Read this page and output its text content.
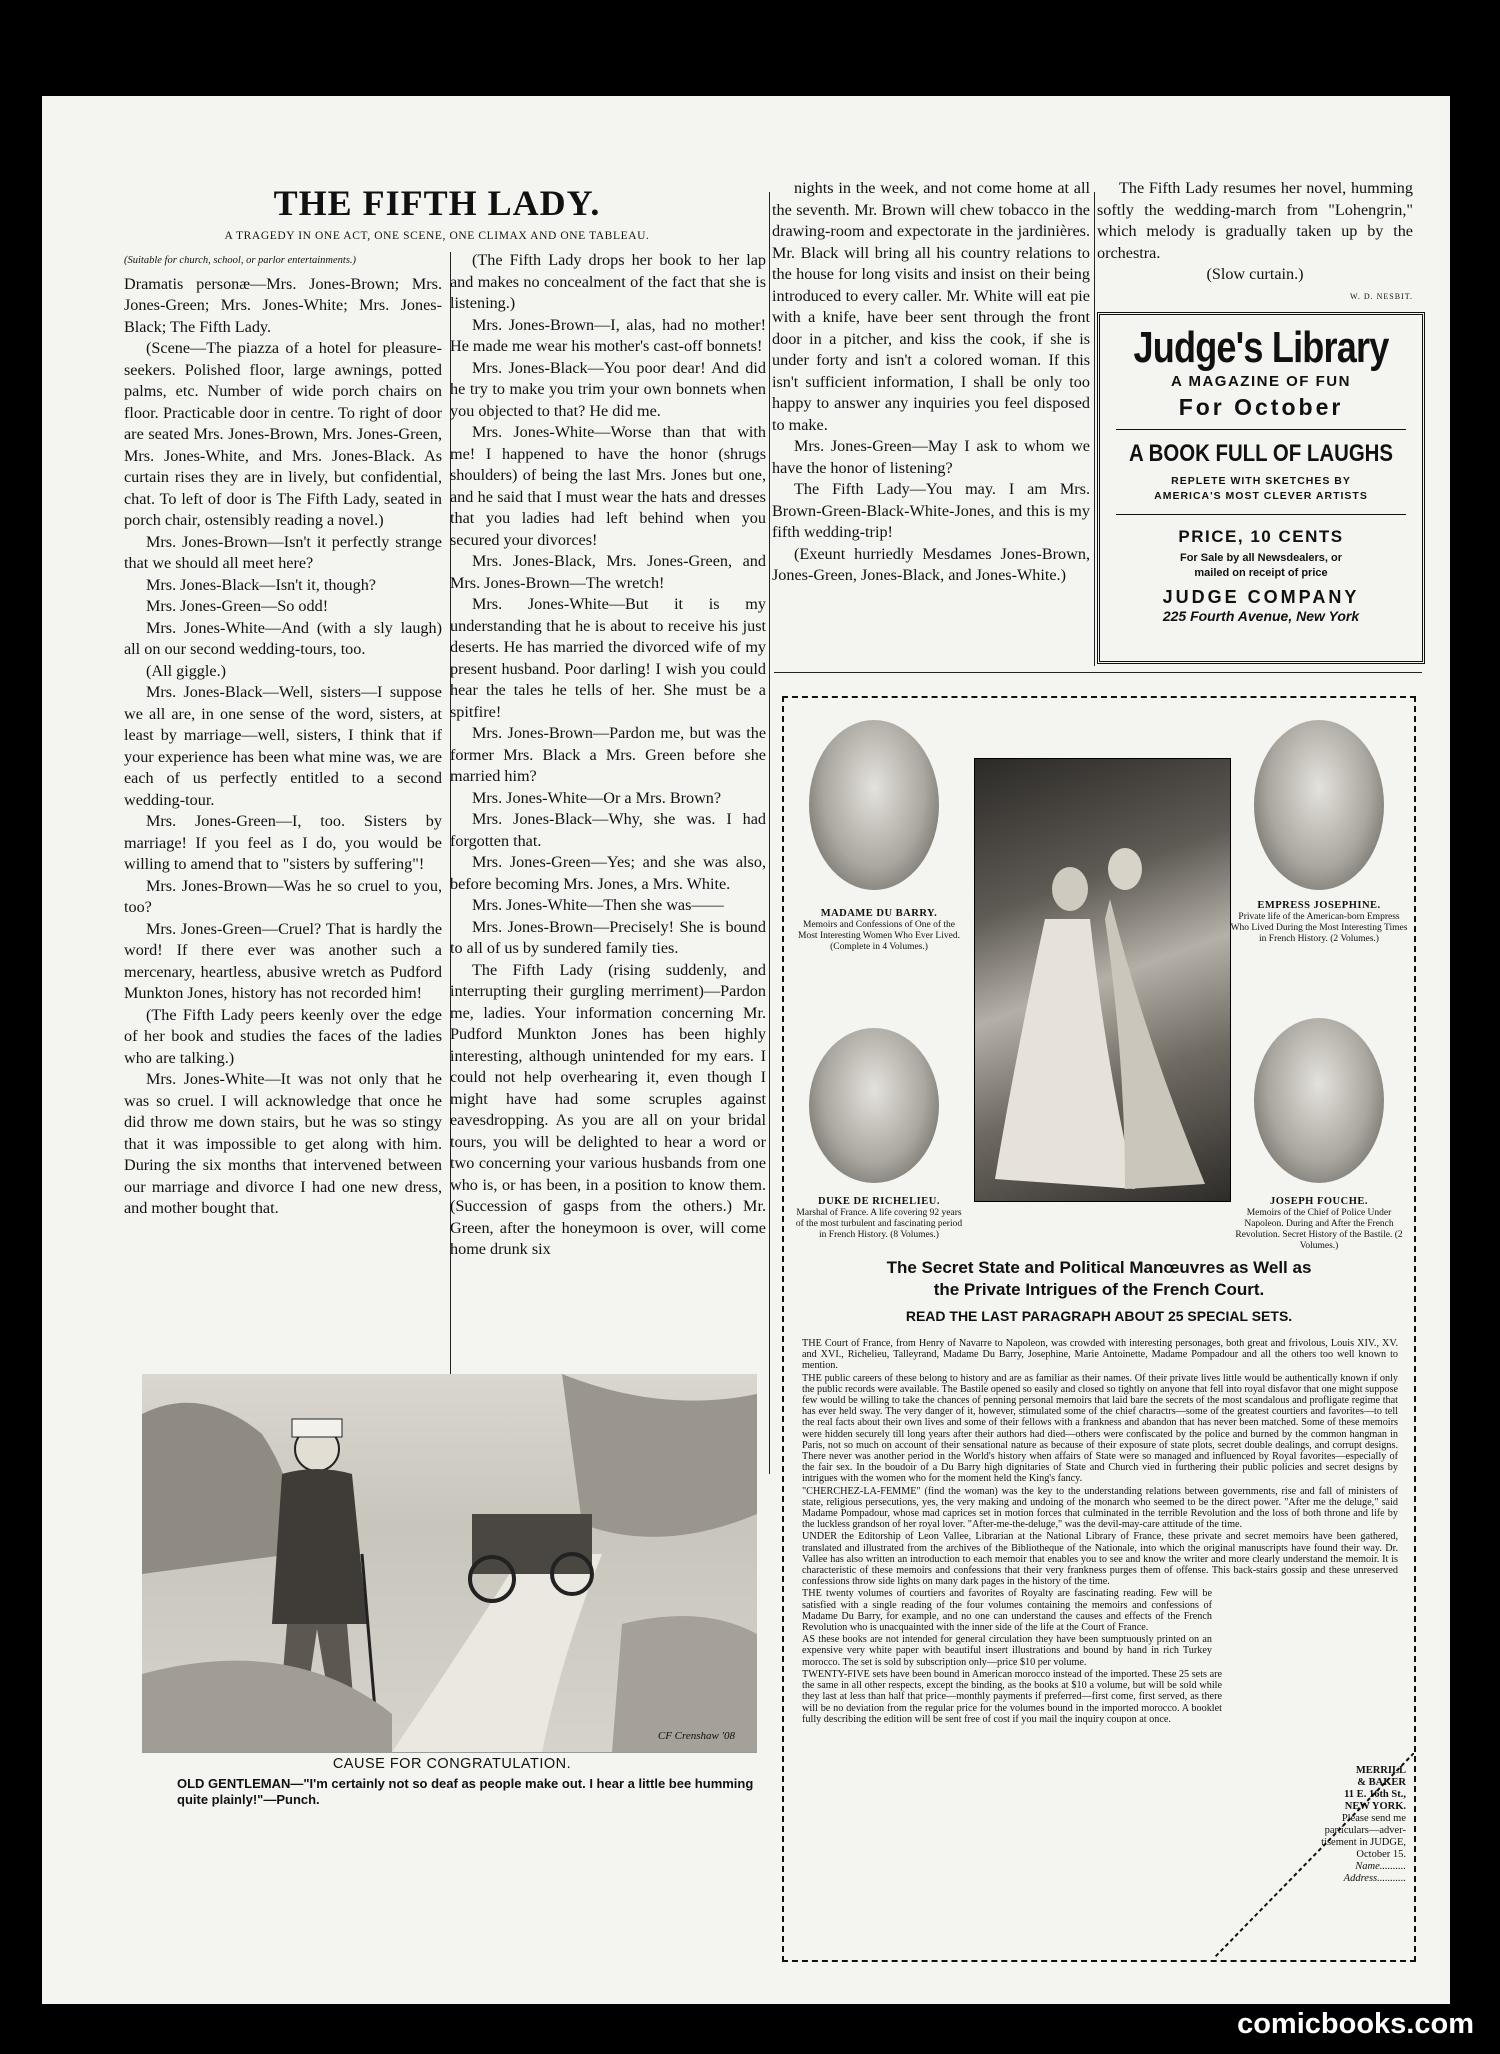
THE FIFTH LADY.
A TRAGEDY IN ONE ACT, ONE SCENE, ONE CLIMAX AND ONE TABLEAU.

(Suitable for church, school, or parlor entertainments.)

Dramatis personæ—Mrs. Jones-Brown; Mrs. Jones-Green; Mrs. Jones-White; Mrs. Jones-Black; The Fifth Lady.

(Scene—The piazza of a hotel for pleasure-seekers. Polished floor, large awnings, potted palms, etc. Number of wide porch chairs on floor. Practicable door in centre. To right of door are seated Mrs. Jones-Brown, Mrs. Jones-Green, Mrs. Jones-White, and Mrs. Jones-Black. As curtain rises they are in lively, but confidential, chat. To left of door is The Fifth Lady, seated in porch chair, ostensibly reading a novel.)

Mrs. Jones-Brown—Isn't it perfectly strange that we should all meet here?

Mrs. Jones-Black—Isn't it, though?

Mrs. Jones-Green—So odd!

Mrs. Jones-White—And (with a sly laugh) all on our second wedding-tours, too.

(All giggle.)

Mrs. Jones-Black—Well, sisters—I suppose we all are, in one sense of the word, sisters, at least by marriage—well, sisters, I think that if your experience has been what mine was, we are each of us perfectly entitled to a second wedding-tour.

Mrs. Jones-Green—I, too. Sisters by marriage! If you feel as I do, you would be willing to amend that to "sisters by suffering"!

Mrs. Jones-Brown—Was he so cruel to you, too?

Mrs. Jones-Green—Cruel? That is hardly the word! If there ever was another such a mercenary, heartless, abusive wretch as Pudford Munkton Jones, history has not recorded him!

(The Fifth Lady peers keenly over the edge of her book and studies the faces of the ladies who are talking.)

Mrs. Jones-White—It was not only that he was so cruel. I will acknowledge that once he did throw me down stairs, but he was so stingy that it was impossible to get along with him. During the six months that intervened between our marriage and divorce I had one new dress, and mother bought that.

(The Fifth Lady drops her book to her lap and makes no concealment of the fact that she is listening.)

Mrs. Jones-Brown—I, alas, had no mother! He made me wear his mother's cast-off bonnets!

Mrs. Jones-Black—You poor dear! And did he try to make you trim your own bonnets when you objected to that? He did me.

Mrs. Jones-White—Worse than that with me! I happened to have the honor (shrugs shoulders) of being the last Mrs. Jones but one, and he said that I must wear the hats and dresses that you ladies had left behind when you secured your divorces!

Mrs. Jones-Black, Mrs. Jones-Green, and Mrs. Jones-Brown—The wretch!

Mrs. Jones-White—But it is my understanding that he is about to receive his just deserts. He has married the divorced wife of my present husband. Poor darling! I wish you could hear the tales he tells of her. She must be a spitfire!

Mrs. Jones-Brown—Pardon me, but was the former Mrs. Black a Mrs. Green before she married him?

Mrs. Jones-White—Or a Mrs. Brown?

Mrs. Jones-Black—Why, she was. I had forgotten that.

Mrs. Jones-Green—Yes; and she was also, before becoming Mrs. Jones, a Mrs. White.

Mrs. Jones-White—Then she was——

Mrs. Jones-Brown—Precisely! She is bound to all of us by sundered family ties.

The Fifth Lady (rising suddenly, and interrupting their gurgling merriment)—Pardon me, ladies. Your information concerning Mr. Pudford Munkton Jones has been highly interesting, although unintended for my ears. I could not help overhearing it, even though I might have had some scruples against eavesdropping. As you are all on your bridal tours, you will be delighted to hear a word or two concerning your various husbands from one who is, or has been, in a position to know them. (Succession of gasps from the others.) Mr. Green, after the honeymoon is over, will come home drunk six

nights in the week, and not come home at all the seventh. Mr. Brown will chew tobacco in the drawing-room and expectorate in the jardinières. Mr. Black will bring all his country relations to the house for long visits and insist on their being introduced to every caller. Mr. White will eat pie with a knife, have beer sent through the front door in a pitcher, and kiss the cook, if she is under forty and isn't a colored woman. If this isn't sufficient information, I shall be only too happy to answer any inquiries you feel disposed to make.

Mrs. Jones-Green—May I ask to whom we have the honor of listening?

The Fifth Lady—You may. I am Mrs. Brown-Green-Black-White-Jones, and this is my fifth wedding-trip!

(Exeunt hurriedly Mesdames Jones-Brown, Jones-Green, Jones-Black, and Jones-White.)

The Fifth Lady resumes her novel, humming softly the wedding-march from "Lohengrin," which melody is gradually taken up by the orchestra.

(Slow curtain.)

W. D. NESBIT.

Judge's Library
A MAGAZINE OF FUN
For October
A BOOK FULL OF LAUGHS
REPLETE WITH SKETCHES BY
AMERICA'S MOST CLEVER ARTISTS
PRICE, 10 CENTS
For Sale by all Newsdealers, or
mailed on receipt of price
JUDGE COMPANY
225 Fourth Avenue, New York
MADAME DU BARRY.
Memoirs and Confessions of One of the Most Interesting Women Who Ever Lived. (Complete in 4 Volumes.)
EMPRESS JOSEPHINE.
Private life of the American-born Empress Who Lived During the Most Interesting Times in French History. (2 Volumes.)
DUKE DE RICHELIEU.
Marshal of France. A life covering 92 years of the most turbulent and fascinating period in French History. (8 Volumes.)
JOSEPH FOUCHE.
Memoirs of the Chief of Police Under Napoleon. During and After the French Revolution. Secret History of the Bastile. (2 Volumes.)
The Secret State and Political Manœuvres as Well as
the Private Intrigues of the French Court.
READ THE LAST PARAGRAPH ABOUT 25 SPECIAL SETS.

THE Court of France, from Henry of Navarre to Napoleon, was crowded with interesting personages, both great and frivolous, Louis XIV., XV. and XVI., Richelieu, Talleyrand, Madame Du Barry, Josephine, Marie Antoinette, Madame Pompadour and all the others too well known to mention.

THE public careers of these belong to history and are as familiar as their names. Of their private lives little would be authentically known if only the public records were available. The Bastile opened so easily and closed so tightly on anyone that fell into royal disfavor that one might suppose few would be willing to take the chances of penning personal memoirs that laid bare the secrets of the most scandalous and profligate regime that has ever held sway. The very danger of it, however, stimulated some of the chief charactrs—some of the greatest courtiers and favorites—to tell the real facts about their own lives and some of their fellows with a frankness and abandon that has never been matched. Some of these memoirs were hidden securely till long years after their authors had died—others were confiscated by the police and burned by the common hangman in Paris, not so much on account of their sensational nature as because of their exposure of state plots, secret double dealings, and corrupt designs. There never was another period in the World's history when affairs of State were so managed and influenced by Royal favorites—especially of the fair sex. In the boudoir of a Du Barry high dignitaries of State and Church vied in furthering their public policies and secret designs by intrigues with the women who for the moment held the King's fancy.

"CHERCHEZ-LA-FEMME" (find the woman) was the key to the understanding relations between governments, rise and fall of ministers of state, religious persecutions, yes, the very making and undoing of the monarch who seemed to be the direct power. "After me the deluge," said Madame Pompadour, whose mad caprices set in motion forces that culminated in the terrible Revolution and the loss of both throne and life by the luckless grandson of her royal lover. "After-me-the-deluge," was the devil-may-care attitude of the time.

UNDER the Editorship of Leon Vallee, Librarian at the National Library of France, these private and secret memoirs have been gathered, translated and illustrated from the archives of the Bibliotheque of the Nationale, into which the original manuscripts have found their way. Dr. Vallee has also written an introduction to each memoir that enables you to see and know the writer and more clearly understand the memoir. It is characteristic of these memoirs and confessions that their very frankness purges them of offense. This back-stairs gossip and these unreserved confessions throw side lights on many dark pages in the history of the time.

THE twenty volumes of courtiers and favorites of Royalty are fascinating reading. Few will be satisfied with a single reading of the four volumes containing the memoirs and confessions of Madame Du Barry, for example, and no one can understand the causes and effects of the French Revolution who is unacquainted with the inner side of the life at the Court of France.

AS these books are not intended for general circulation they have been sumptuously printed on an expensive very white paper with beautiful insert illustrations and bound by hand in rich Turkey morocco. The set is sold by subscription only—price $10 per volume.

TWENTY-FIVE sets have been bound in American morocco instead of the imported. These 25 sets are the same in all other respects, except the binding, as the books at $10 a volume, but will be sold while they last at less than half that price—monthly payments if preferred—first come, first served, as there will be no deviation from the regular price for the volumes bound in the imported morocco. A booklet fully describing the edition will be sent free of cost if you mail the inquiry coupon at once.

MERRILL
& BAKER
11 E. 16th St.,
NEW YORK.
Please send me
particulars—adver-
tisement in JUDGE,
October 15.
Name..........
Address...........
CF Crenshaw '08
CAUSE FOR CONGRATULATION.
OLD GENTLEMAN—"I'm certainly not so deaf as people make out. I hear a little bee humming quite plainly!"—Punch.
comicbooks.com
